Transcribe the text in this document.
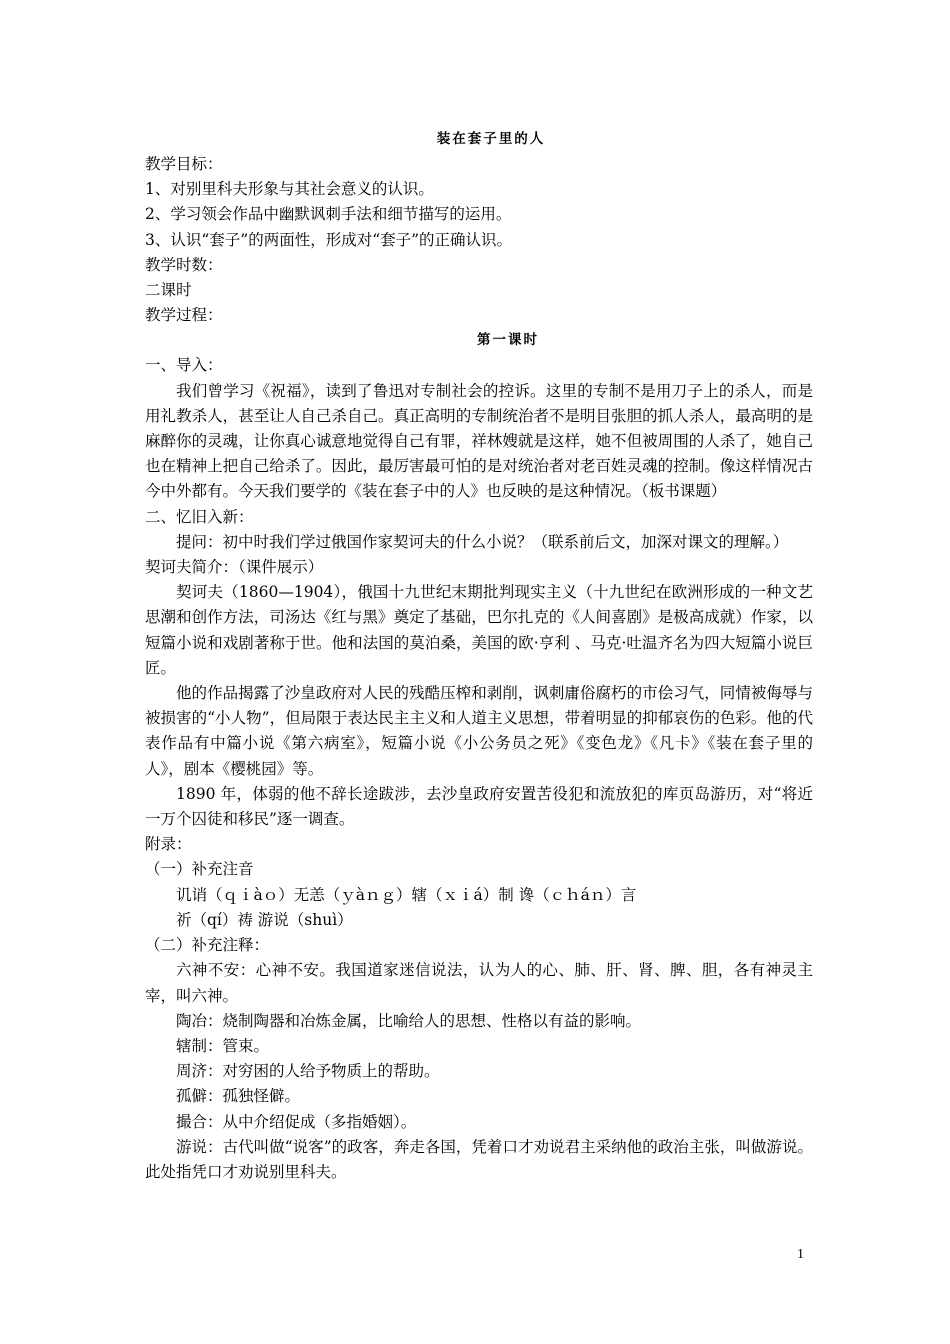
装在套子里的人
教学目标：
1、对别里科夫形象与其社会意义的认识。
2、学习领会作品中幽默讽刺手法和细节描写的运用。
3、认识“套子”的两面性，形成对“套子”的正确认识。
教学时数：
二课时
教学过程：
第一课时
一、导入：
我们曾学习《祝福》，读到了鲁迅对专制社会的控诉。这里的专制不是用刀子上的杀人，而是用礼教杀人，甚至让人自己杀自己。真正高明的专制统治者不是明目张胆的抓人杀人，最高明的是麻醉你的灵魂，让你真心诚意地觉得自己有罪，祥林嫂就是这样，她不但被周围的人杀了，她自己也在精神上把自己给杀了。因此，最厉害最可怕的是对统治者对老百姓灵魂的控制。像这样情况古今中外都有。今天我们要学的《装在套子中的人》也反映的是这种情况。（板书课题）
二、忆旧入新：
提问：初中时我们学过俄国作家契诃夫的什么小说？（联系前后文，加深对课文的理解。）
契诃夫简介：（课件展示）
契诃夫（1860—1904），俄国十九世纪末期批判现实主义（十九世纪在欧洲形成的一种文艺思潮和创作方法，司汤达《红与黑》奠定了基础，巴尔扎克的《人间喜剧》是极高成就）作家，以短篇小说和戏剧著称于世。他和法国的莫泊桑，美国的欧·亨利 、马克·吐温齐名为四大短篇小说巨匠。
他的作品揭露了沙皇政府对人民的残酷压榨和剥削，讽刺庸俗腐朽的市侩习气，同情被侮辱与被损害的“小人物”，但局限于表达民主主义和人道主义思想，带着明显的抑郁哀伤的色彩。他的代表作品有中篇小说《第六病室》，短篇小说《小公务员之死》《变色龙》《凡卡》《装在套子里的人》，剧本《樱桃园》等。
1890 年，体弱的他不辞长途跋涉，去沙皇政府安置苦役犯和流放犯的库页岛游历，对“将近一万个囚徒和移民”逐一调查。
附录：
（一）补充注音
讥诮（ｑｉàｏ）无恙（ｙàｎｇ）辖（ｘｉá）制 谗（ｃｈáｎ）言
祈（qí）祷 游说（shuì）
（二）补充注释：
六神不安：心神不安。我国道家迷信说法，认为人的心、肺、肝、肾、脾、胆，各有神灵主宰，叫六神。
陶冶：烧制陶器和冶炼金属，比喻给人的思想、性格以有益的影响。
辖制：管束。
周济：对穷困的人给予物质上的帮助。
孤僻：孤独怪僻。
撮合：从中介绍促成（多指婚姻）。
游说：古代叫做“说客”的政客，奔走各国，凭着口才劝说君主采纳他的政治主张，叫做游说。此处指凭口才劝说别里科夫。
1
